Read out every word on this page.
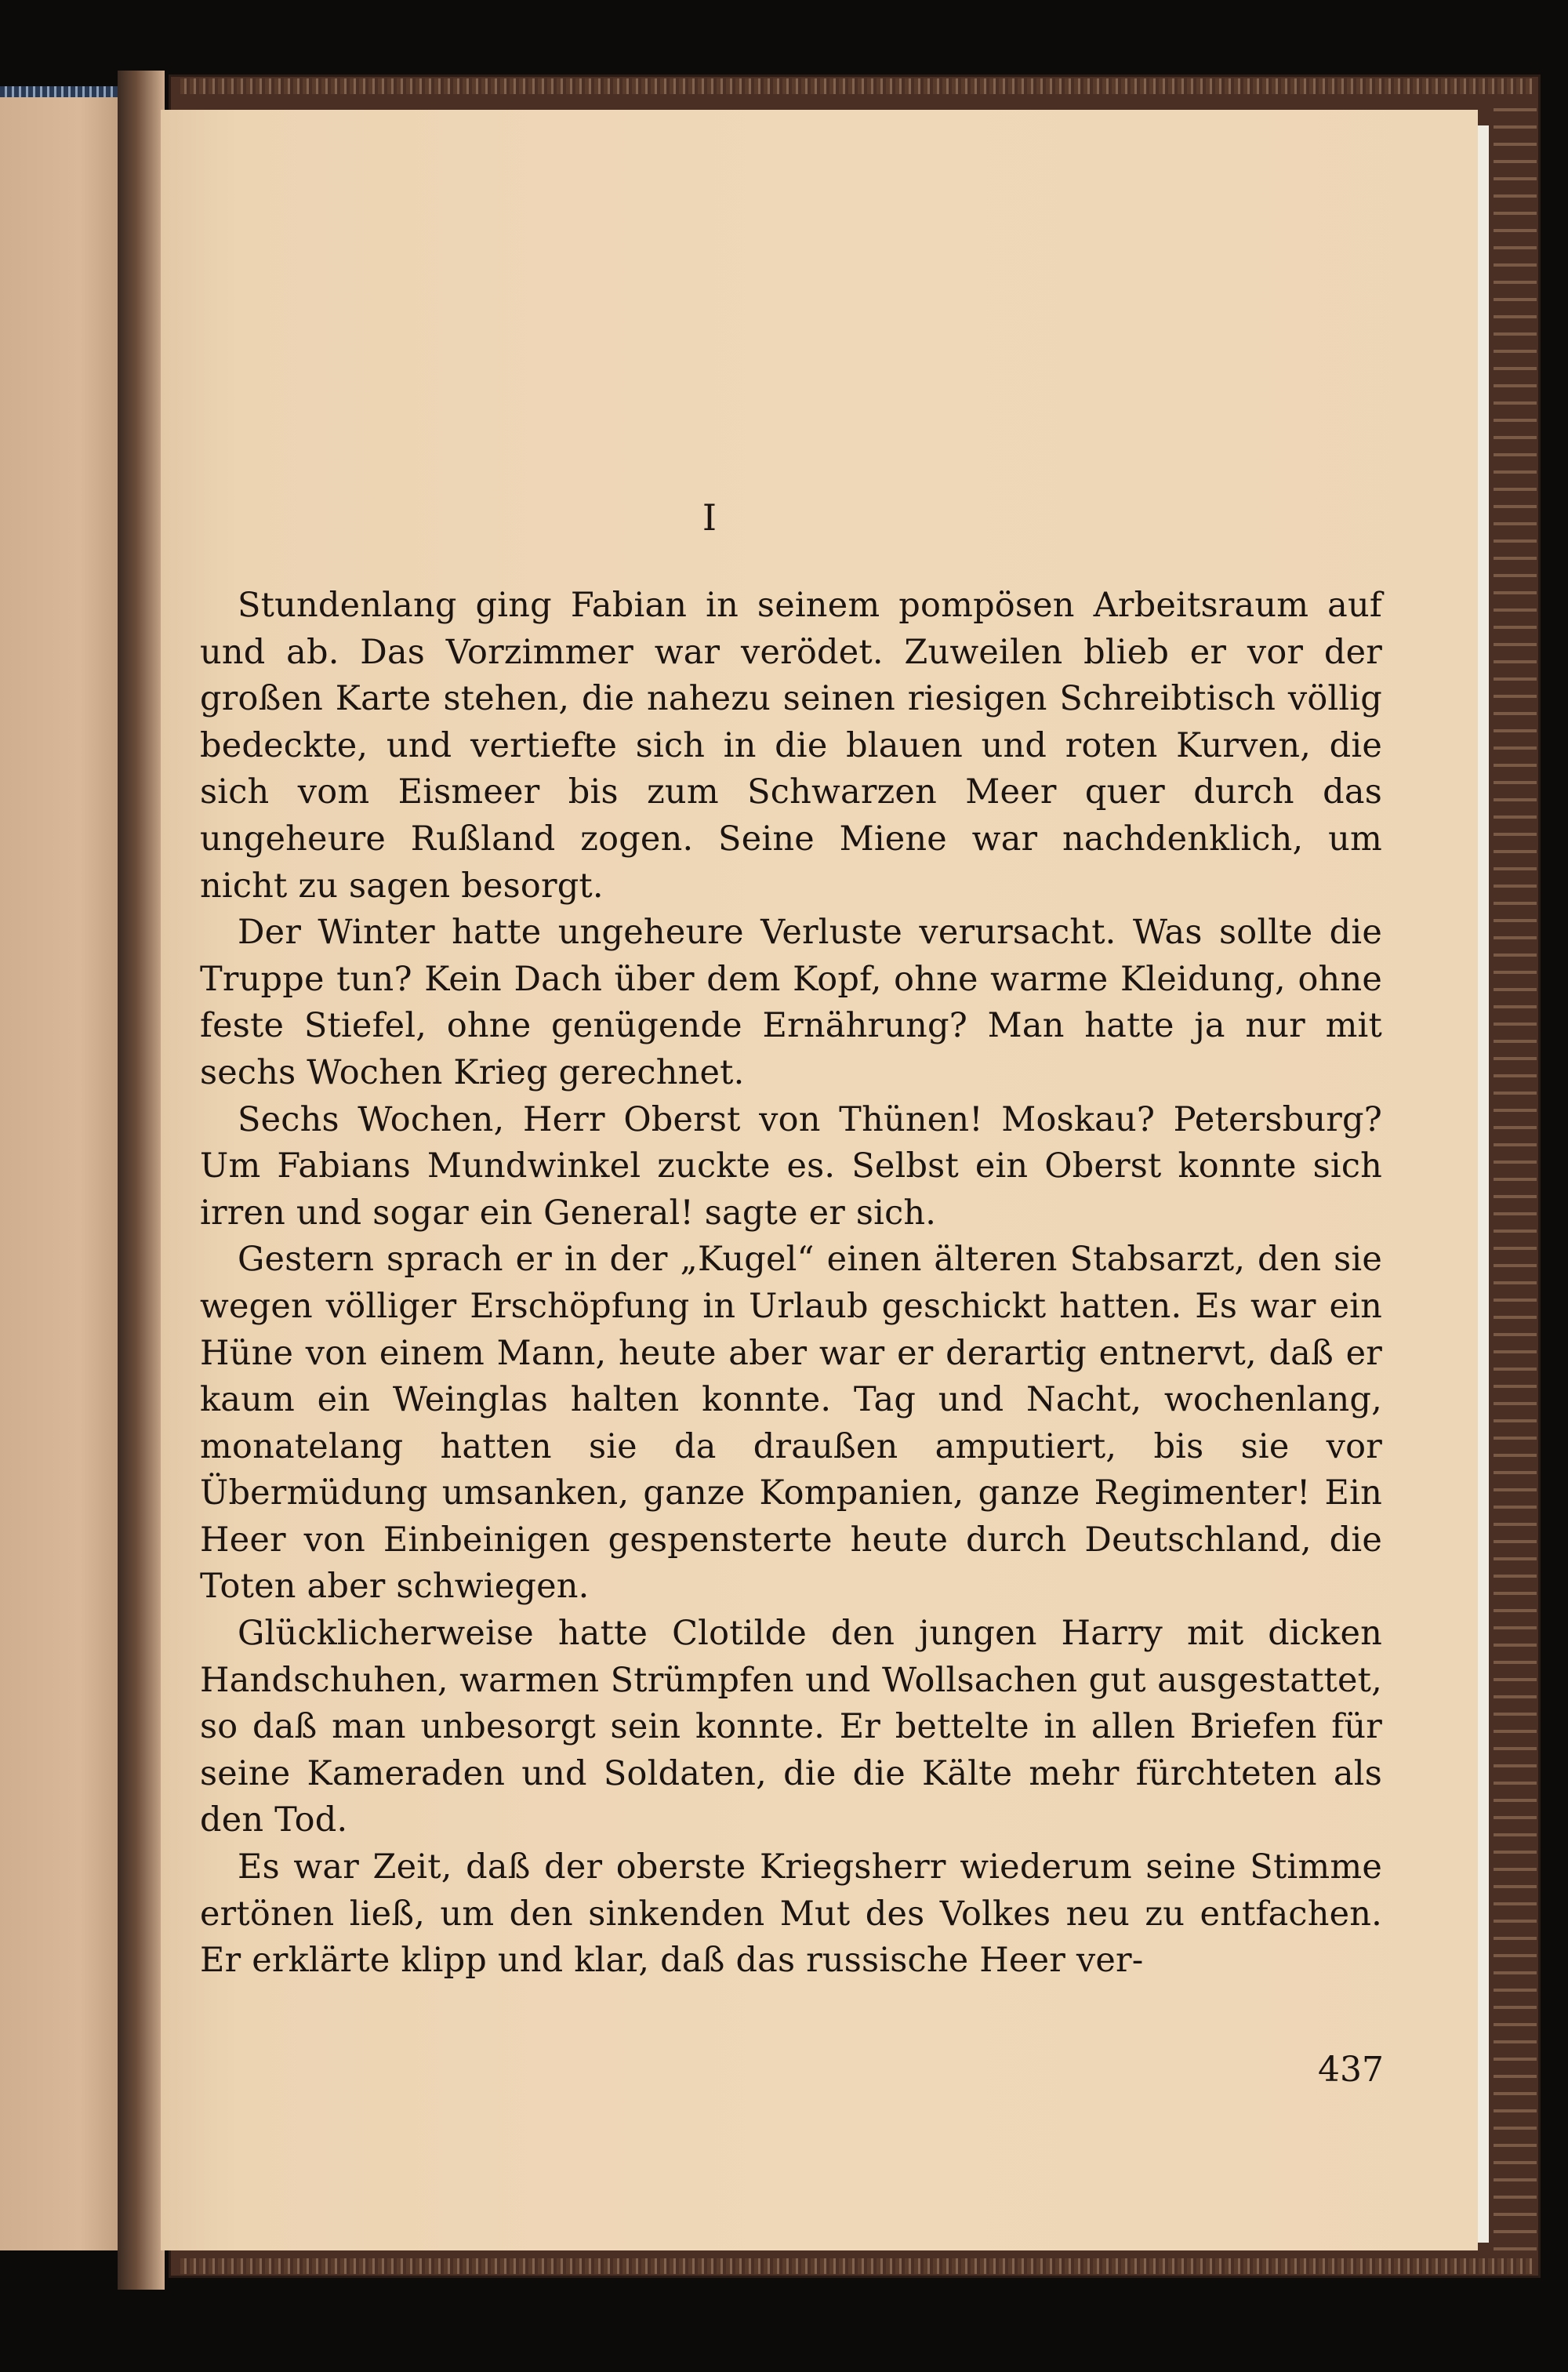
I

Stundenlang ging Fabian in seinem pompösen Arbeitsraum auf und ab. Das Vorzimmer war verödet. Zuweilen blieb er vor der großen Karte stehen, die nahezu seinen riesigen Schreibtisch völlig bedeckte, und vertiefte sich in die blauen und roten Kurven, die sich vom Eismeer bis zum Schwarzen Meer quer durch das ungeheure Rußland zogen. Seine Miene war nachdenklich, um nicht zu sagen besorgt.

Der Winter hatte ungeheure Verluste verursacht. Was sollte die Truppe tun? Kein Dach über dem Kopf, ohne warme Kleidung, ohne feste Stiefel, ohne genügende Ernährung? Man hatte ja nur mit sechs Wochen Krieg gerechnet.

Sechs Wochen, Herr Oberst von Thünen! Moskau? Petersburg? Um Fabians Mundwinkel zuckte es. Selbst ein Oberst konnte sich irren und sogar ein General! sagte er sich.

Gestern sprach er in der „Kugel“ einen älteren Stabsarzt, den sie wegen völliger Erschöpfung in Urlaub geschickt hatten. Es war ein Hüne von einem Mann, heute aber war er derartig entnervt, daß er kaum ein Weinglas halten konnte. Tag und Nacht, wochenlang, monatelang hatten sie da draußen amputiert, bis sie vor Übermüdung umsanken, ganze Kompanien, ganze Regimenter! Ein Heer von Einbeinigen gespensterte heute durch Deutschland, die Toten aber schwiegen.

Glücklicherweise hatte Clotilde den jungen Harry mit dicken Handschuhen, warmen Strümpfen und Wollsachen gut ausgestattet, so daß man unbesorgt sein konnte. Er bettelte in allen Briefen für seine Kameraden und Soldaten, die die Kälte mehr fürchteten als den Tod.

Es war Zeit, daß der oberste Kriegsherr wiederum seine Stimme ertönen ließ, um den sinkenden Mut des Volkes neu zu entfachen. Er erklärte klipp und klar, daß das russische Heer ver-

437
